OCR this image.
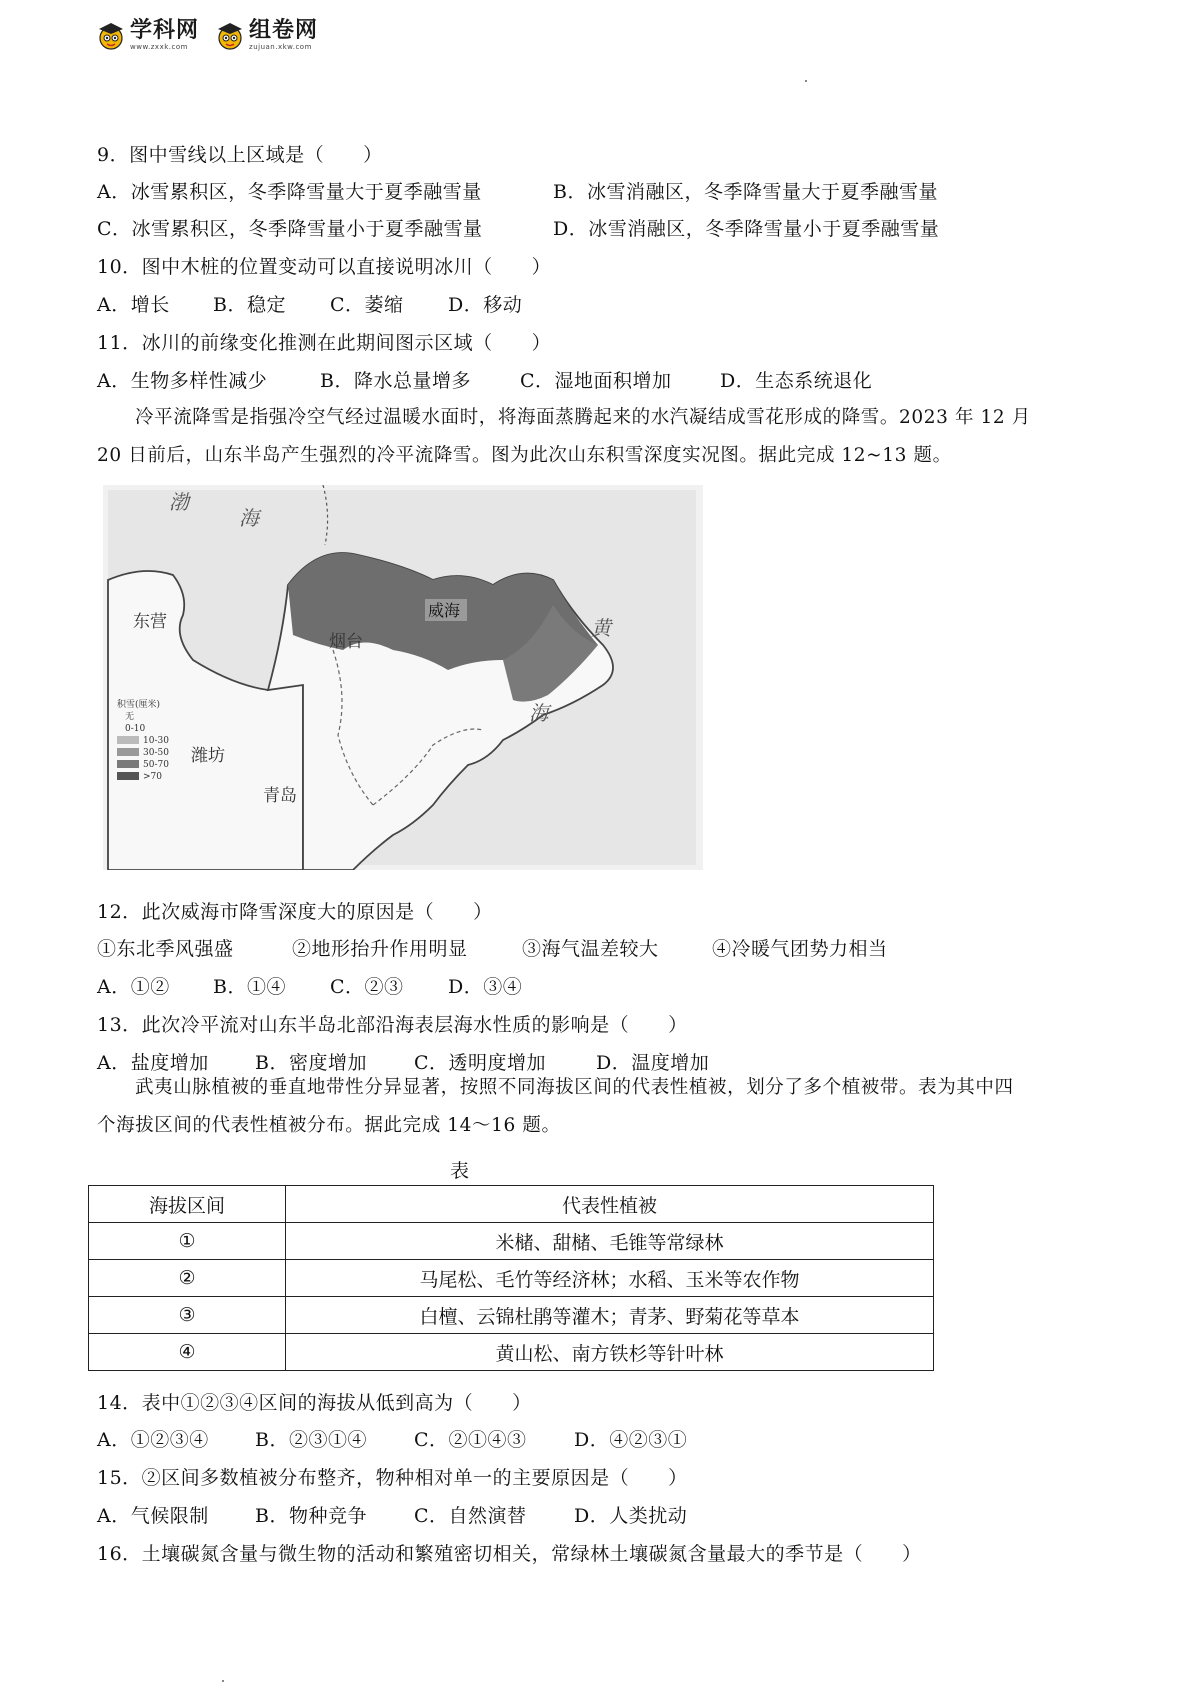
学科网
www.zxxk.com
组卷网
zujuan.xkw.com
9．图中雪线以上区域是（　　）
A．冰雪累积区，冬季降雪量大于夏季融雪量	B．冰雪消融区，冬季降雪量大于夏季融雪量
C．冰雪累积区，冬季降雪量小于夏季融雪量	D．冰雪消融区，冬季降雪量小于夏季融雪量
10．图中木桩的位置变动可以直接说明冰川（　　）
A．增长 B．稳定 C．萎缩 D．移动
11．冰川的前缘变化推测在此期间图示区域（　　）
A．生物多样性减少	B．降水总量增多	C．湿地面积增加	D．生态系统退化
冷平流降雪是指强冷空气经过温暖水面时，将海面蒸腾起来的水汽凝结成雪花形成的降雪。2023 年 12 月
20 日前后，山东半岛产生强烈的冷平流降雪。图为此次山东积雪深度实况图。据此完成 12~13 题。
渤
海
黄
海
东营
烟台
威海
潍坊
青岛
积雪(厘米)
无
0-10
10-30
30-50
50-70
>70
12．此次威海市降雪深度大的原因是（　　）
①东北季风强盛	②地形抬升作用明显	③海气温差较大	④冷暖气团势力相当
A．①② B．①④ C．②③ D．③④
13．此次冷平流对山东半岛北部沿海表层海水性质的影响是（　　）
A．盐度增加 B．密度增加 C．透明度增加	D．温度增加
武夷山脉植被的垂直地带性分异显著，按照不同海拔区间的代表性植被，划分了多个植被带。表为其中四
个海拔区间的代表性植被分布。据此完成 14～16 题。
表
海拔区间	代表性植被
①	米槠、甜槠、毛锥等常绿林
②	马尾松、毛竹等经济林；水稻、玉米等农作物
③	白檀、云锦杜鹃等灌木；青茅、野菊花等草本
④	黄山松、南方铁杉等针叶林
14．表中①②③④区间的海拔从低到高为（　　）
A．①②③④ B．②③①④ C．②①④③ D．④②③①
15．②区间多数植被分布整齐，物种相对单一的主要原因是（　　）
A．气候限制 B．物种竞争 C．自然演替 D．人类扰动
16．土壤碳氮含量与微生物的活动和繁殖密切相关，常绿林土壤碳氮含量最大的季节是（　　）
